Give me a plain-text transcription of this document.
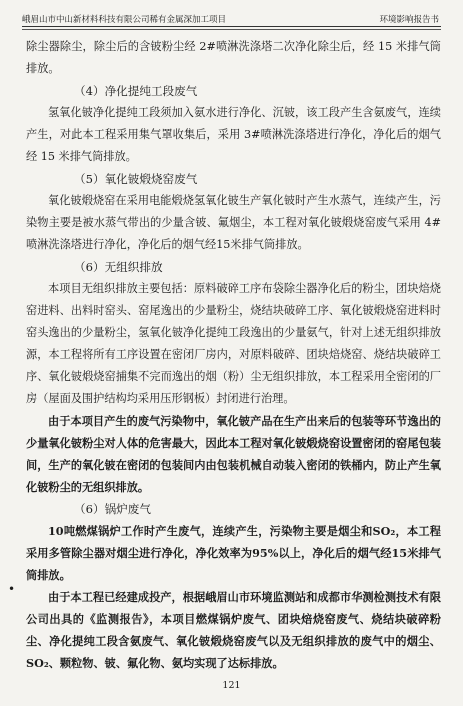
峨眉山市中山新材料科技有限公司稀有金属深加工项目	环境影响报告书

除尘器除尘，除尘后的含铍粉尘经 2#喷淋洗涤塔二次净化除尘后，经 15 米排气筒排放。

（4）净化提纯工段废气

氢氧化铍净化提纯工段须加入氨水进行净化、沉铍，该工段产生含氨废气，连续产生，对此本工程采用集气罩收集后，采用 3#喷淋洗涤塔进行净化，净化后的烟气经 15 米排气筒排放。

（5）氧化铍煅烧窑废气

氧化铍煅烧窑在采用电能煅烧氢氧化铍生产氧化铍时产生水蒸气，连续产生，污染物主要是被水蒸气带出的少量含铍、氟烟尘，本工程对氧化铍煅烧窑废气采用 4#喷淋洗涤塔进行净化，净化后的烟气经15米排气筒排放。

（6）无组织排放

本项目无组织排放主要包括：原料破碎工序布袋除尘器净化后的粉尘，团块焙烧窑进料、出料时窑头、窑尾逸出的少量粉尘，烧结块破碎工序、氧化铍煅烧窑进料时窑头逸出的少量粉尘，氢氧化铍净化提纯工段逸出的少量氨气，针对上述无组织排放源，本工程将所有工序设置在密闭厂房内，对原料破碎、团块焙烧窑、烧结块破碎工序、氧化铍煅烧窑捕集不完而逸出的烟（粉）尘无组织排放，本工程采用全密闭的厂房（屋面及围护结构均采用压形钢板）封闭进行治理。

由于本项目产生的废气污染物中，氧化铍产品在生产出来后的包装等环节逸出的少量氧化铍粉尘对人体的危害最大，因此本工程对氧化铍煅烧窑设置密闭的窑尾包装间，生产的氧化铍在密闭的包装间内由包装机械自动装入密闭的铁桶内，防止产生氧化铍粉尘的无组织排放。

（6）锅炉废气

10吨燃煤锅炉工作时产生废气，连续产生，污染物主要是烟尘和SO₂，本工程采用多管除尘器对烟尘进行净化，净化效率为95%以上，净化后的烟气经15米排气筒排放。

由于本工程已经建成投产，根据峨眉山市环境监测站和成都市华测检测技术有限公司出具的《监测报告》，本项目燃煤锅炉废气、团块焙烧窑废气、烧结块破碎粉尘、净化提纯工段含氨废气、氧化铍煅烧窑废气以及无组织排放的废气中的烟尘、SO₂、颗粒物、铍、氟化物、氨均实现了达标排放。

•
121
